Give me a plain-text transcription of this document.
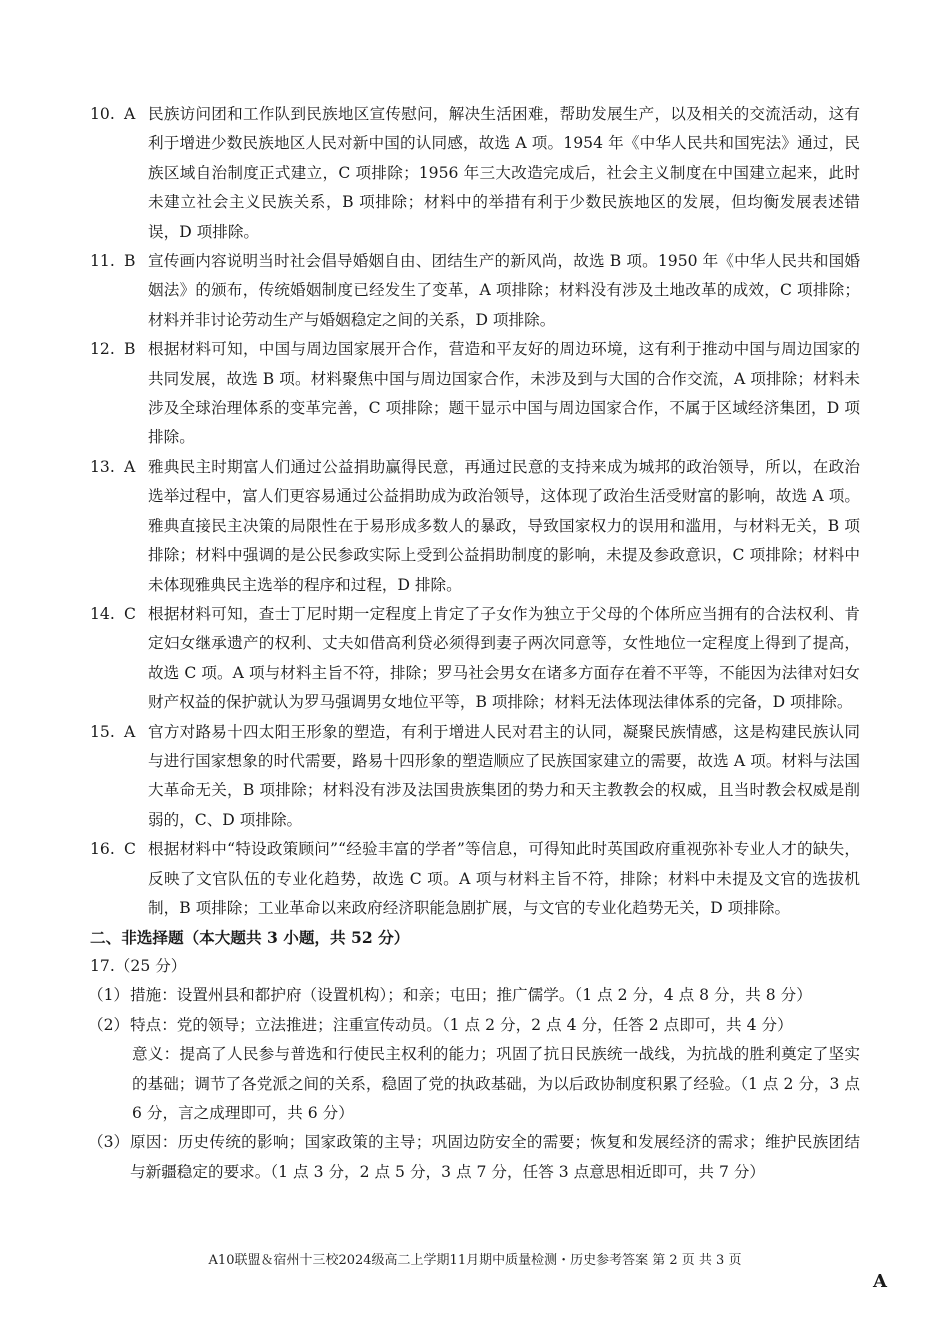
10. A 民族访问团和工作队到民族地区宣传慰问，解决生活困难，帮助发展生产，以及相关的交流活动，这有利于增进少数民族地区人民对新中国的认同感，故选 A 项。1954 年《中华人民共和国宪法》通过，民族区域自治制度正式建立，C 项排除；1956 年三大改造完成后，社会主义制度在中国建立起来，此时未建立社会主义民族关系，B 项排除；材料中的举措有利于少数民族地区的发展，但均衡发展表述错误，D 项排除。
11. B 宣传画内容说明当时社会倡导婚姻自由、团结生产的新风尚，故选 B 项。1950 年《中华人民共和国婚姻法》的颁布，传统婚姻制度已经发生了变革，A 项排除；材料没有涉及土地改革的成效，C 项排除；材料并非讨论劳动生产与婚姻稳定之间的关系，D 项排除。
12. B 根据材料可知，中国与周边国家展开合作，营造和平友好的周边环境，这有利于推动中国与周边国家的共同发展，故选 B 项。材料聚焦中国与周边国家合作，未涉及到与大国的合作交流，A 项排除；材料未涉及全球治理体系的变革完善，C 项排除；题干显示中国与周边国家合作，不属于区域经济集团，D 项排除。
13. A 雅典民主时期富人们通过公益捐助赢得民意，再通过民意的支持来成为城邦的政治领导，所以，在政治选举过程中，富人们更容易通过公益捐助成为政治领导，这体现了政治生活受财富的影响，故选 A 项。雅典直接民主决策的局限性在于易形成多数人的暴政，导致国家权力的误用和滥用，与材料无关，B 项排除；材料中强调的是公民参政实际上受到公益捐助制度的影响，未提及参政意识，C 项排除；材料中未体现雅典民主选举的程序和过程，D 排除。
14. C 根据材料可知，查士丁尼时期一定程度上肯定了子女作为独立于父母的个体所应当拥有的合法权利、肯定妇女继承遗产的权利、丈夫如借高利贷必须得到妻子两次同意等，女性地位一定程度上得到了提高，故选 C 项。A 项与材料主旨不符，排除；罗马社会男女在诸多方面存在着不平等，不能因为法律对妇女财产权益的保护就认为罗马强调男女地位平等，B 项排除；材料无法体现法律体系的完备，D 项排除。
15. A 官方对路易十四太阳王形象的塑造，有利于增进人民对君主的认同，凝聚民族情感，这是构建民族认同与进行国家想象的时代需要，路易十四形象的塑造顺应了民族国家建立的需要，故选 A 项。材料与法国大革命无关，B 项排除；材料没有涉及法国贵族集团的势力和天主教教会的权威，且当时教会权威是削弱的，C、D 项排除。
16. C 根据材料中“特设政策顾问”“经验丰富的学者”等信息，可得知此时英国政府重视弥补专业人才的缺失，反映了文官队伍的专业化趋势，故选 C 项。A 项与材料主旨不符，排除；材料中未提及文官的选拔机制，B 项排除；工业革命以来政府经济职能急剧扩展，与文官的专业化趋势无关，D 项排除。
二、非选择题（本大题共 3 小题，共 52 分）
17.（25 分）
（1） 措施：设置州县和都护府（设置机构）；和亲；屯田；推广儒学。（1 点 2 分，4 点 8 分，共 8 分）
（2） 特点：党的领导；立法推进；注重宣传动员。（1 点 2 分，2 点 4 分，任答 2 点即可，共 4 分）
意义：提高了人民参与普选和行使民主权利的能力；巩固了抗日民族统一战线，为抗战的胜利奠定了坚实的基础；调节了各党派之间的关系，稳固了党的执政基础，为以后政协制度积累了经验。（1 点 2 分，3 点 6 分，言之成理即可，共 6 分）
（3） 原因：历史传统的影响；国家政策的主导；巩固边防安全的需要；恢复和发展经济的需求；维护民族团结与新疆稳定的要求。（1 点 3 分，2 点 5 分，3 点 7 分，任答 3 点意思相近即可，共 7 分）
A10联盟＆宿州十三校2024级高二上学期11月期中质量检测・历史参考答案 第 2 页 共 3 页
A
